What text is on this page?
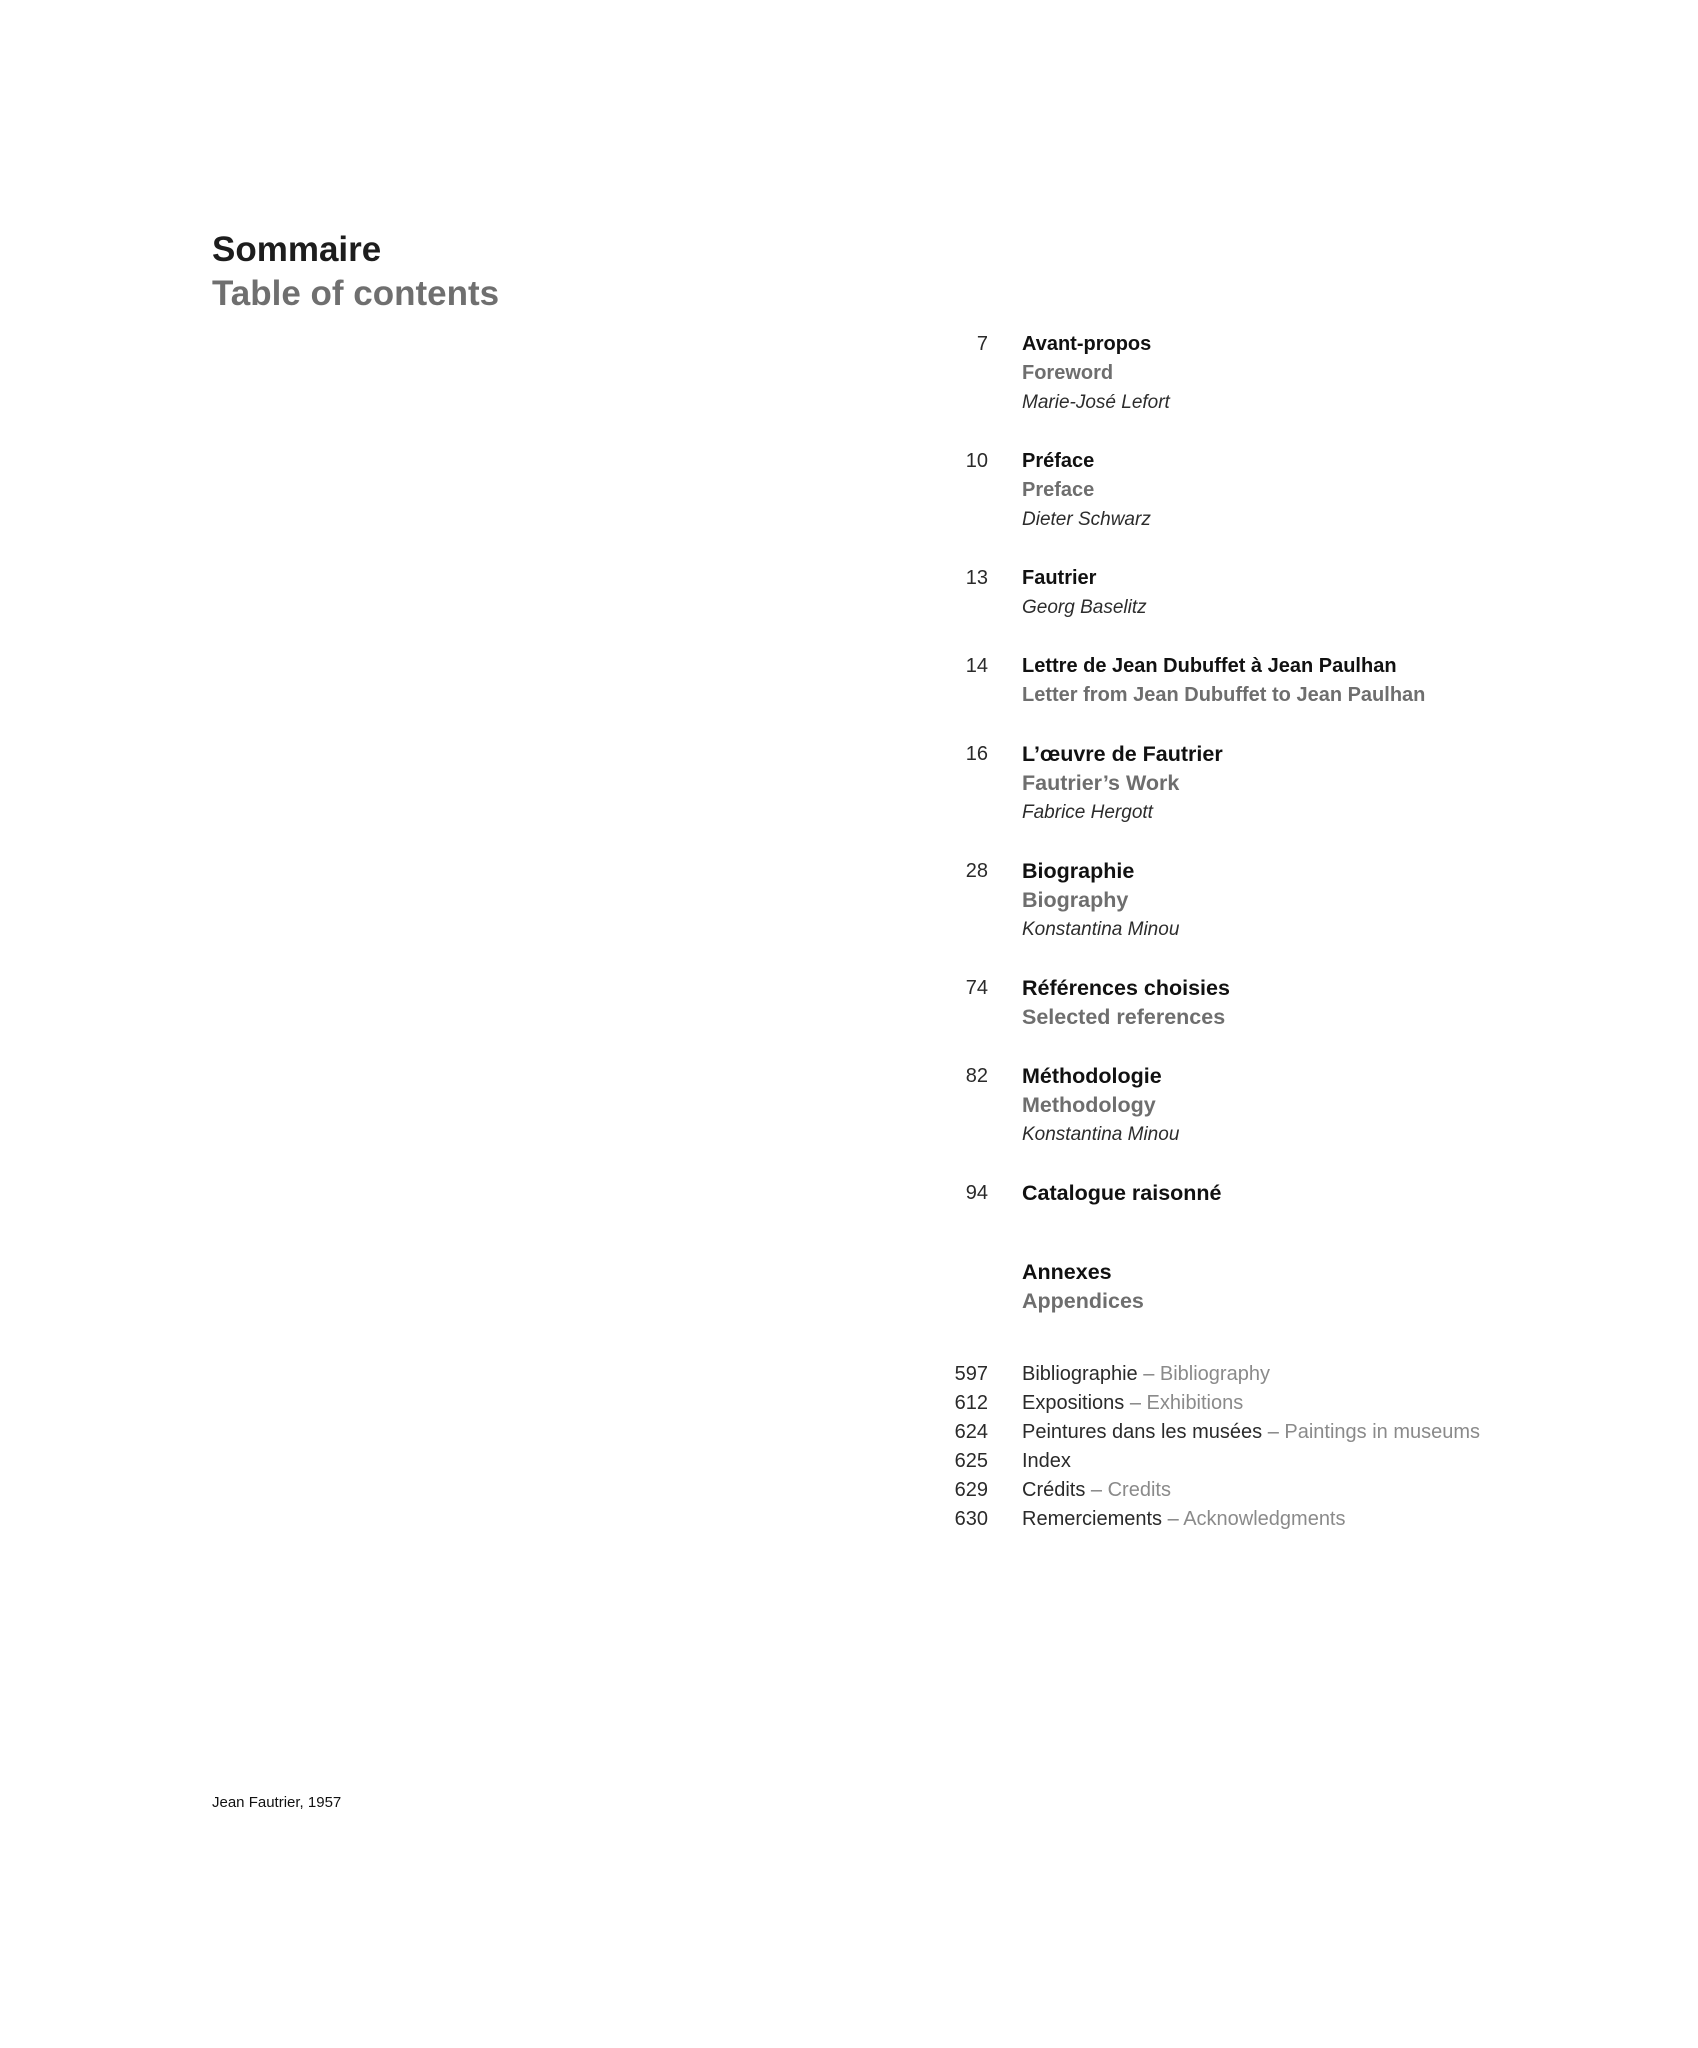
Sommaire
Table of contents
7	Avant-propos
Foreword
Marie-José Lefort
10	Préface
Preface
Dieter Schwarz
13	Fautrier
Georg Baselitz
14	Lettre de Jean Dubuffet à Jean Paulhan
Letter from Jean Dubuffet to Jean Paulhan
16	L’œuvre de Fautrier
Fautrier’s Work
Fabrice Hergott
28	Biographie
Biography
Konstantina Minou
74	Références choisies
Selected references
82	Méthodologie
Methodology
Konstantina Minou
94	Catalogue raisonné
Annexes
Appendices
597	Bibliographie – Bibliography
612	Expositions – Exhibitions
624	Peintures dans les musées – Paintings in museums
625	Index
629	Crédits – Credits
630	Remerciements – Acknowledgments
Jean Fautrier, 1957
